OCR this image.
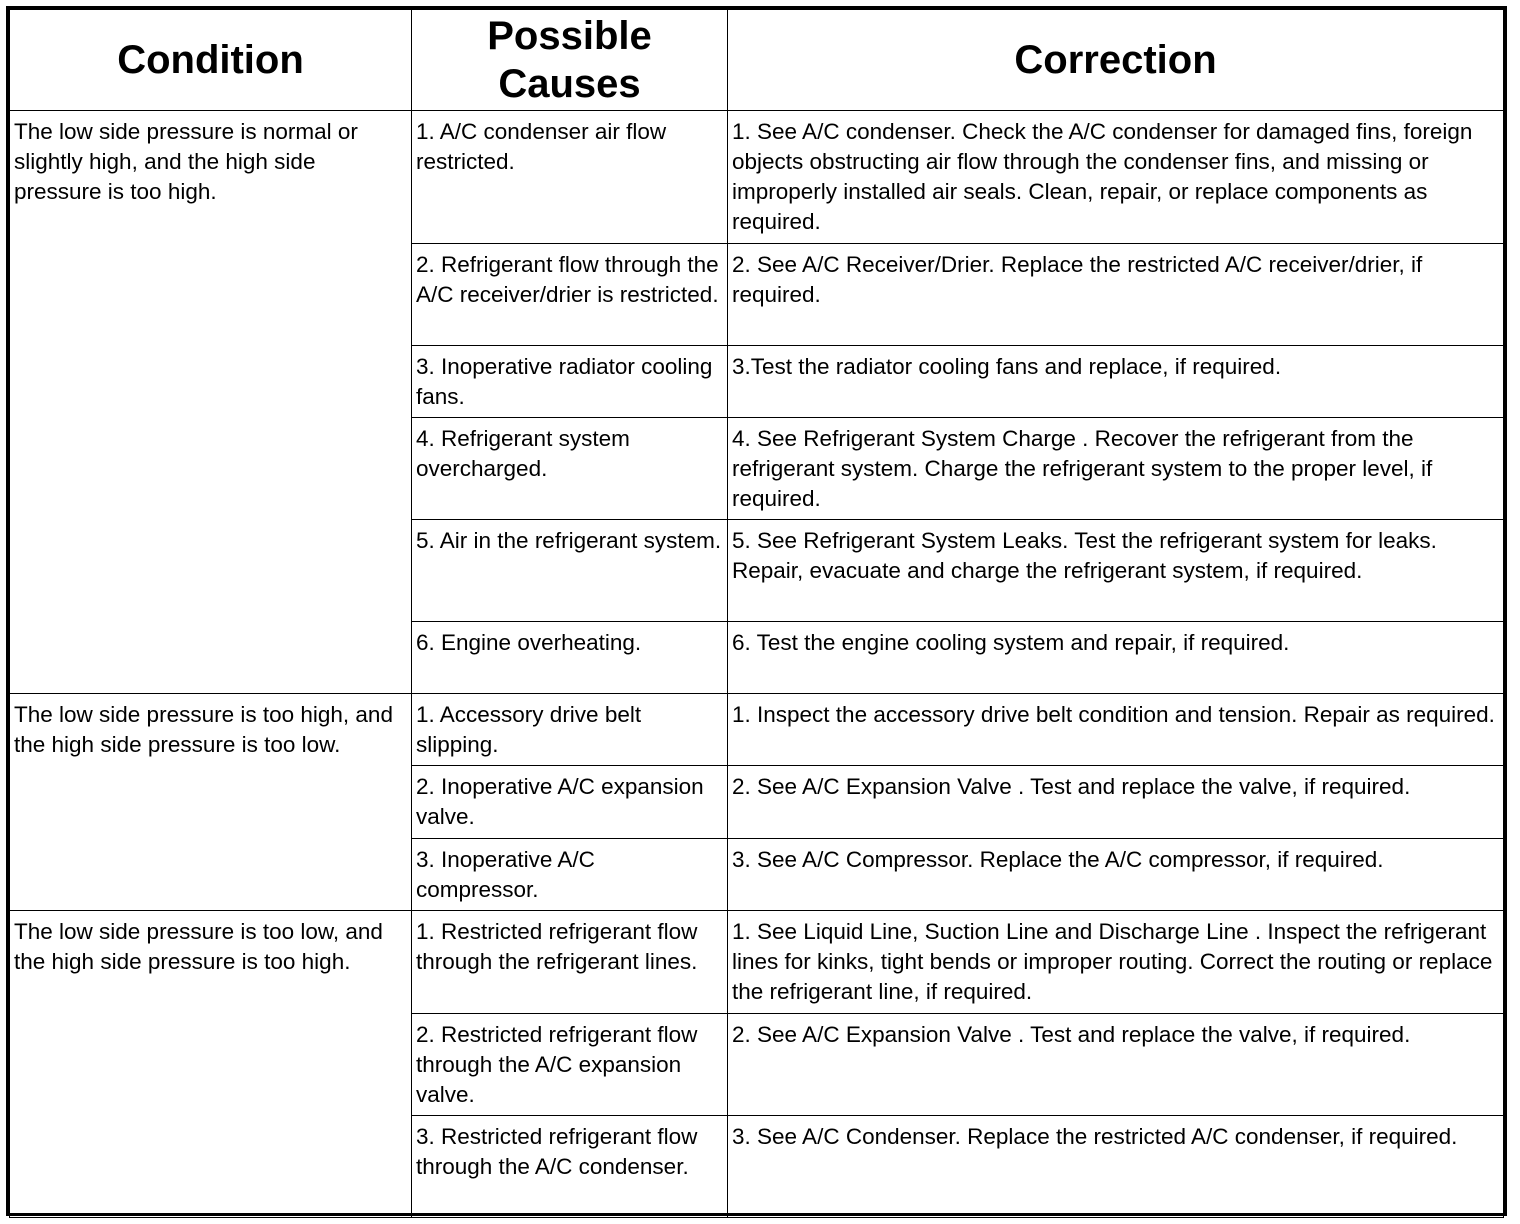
Condition	Possible Causes	Correction
The low side pressure is normal or slightly high, and the high side pressure is too high.	1. A/C condenser air flow restricted.	1. See A/C condenser. Check the A/C condenser for damaged fins, foreign objects obstructing air flow through the condenser fins, and missing or improperly installed air seals. Clean, repair, or replace components as required.
	2. Refrigerant flow through the A/C receiver/drier is restricted.	2. See A/C Receiver/Drier. Replace the restricted A/C receiver/drier, if required.
	3. Inoperative radiator cooling fans.	3.Test the radiator cooling fans and replace, if required.
	4. Refrigerant system overcharged.	4. See Refrigerant System Charge . Recover the refrigerant from the refrigerant system. Charge the refrigerant system to the proper level, if required.
	5. Air in the refrigerant system.	5. See Refrigerant System Leaks. Test the refrigerant system for leaks. Repair, evacuate and charge the refrigerant system, if required.
	6. Engine overheating.	6. Test the engine cooling system and repair, if required.
The low side pressure is too high, and the high side pressure is too low.	1. Accessory drive belt slipping.	1. Inspect the accessory drive belt condition and tension. Repair as required.
	2. Inoperative A/C expansion valve.	2. See A/C Expansion Valve . Test and replace the valve, if required.
	3. Inoperative A/C compressor.	3. See A/C Compressor. Replace the A/C compressor, if required.
The low side pressure is too low, and the high side pressure is too high.	1. Restricted refrigerant flow through the refrigerant lines.	1. See Liquid Line, Suction Line and Discharge Line . Inspect the refrigerant lines for kinks, tight bends or improper routing. Correct the routing or replace the refrigerant line, if required.
	2. Restricted refrigerant flow through the A/C expansion valve.	2. See A/C Expansion Valve . Test and replace the valve, if required.
	3. Restricted refrigerant flow through the A/C condenser.	3. See A/C Condenser. Replace the restricted A/C condenser, if required.
